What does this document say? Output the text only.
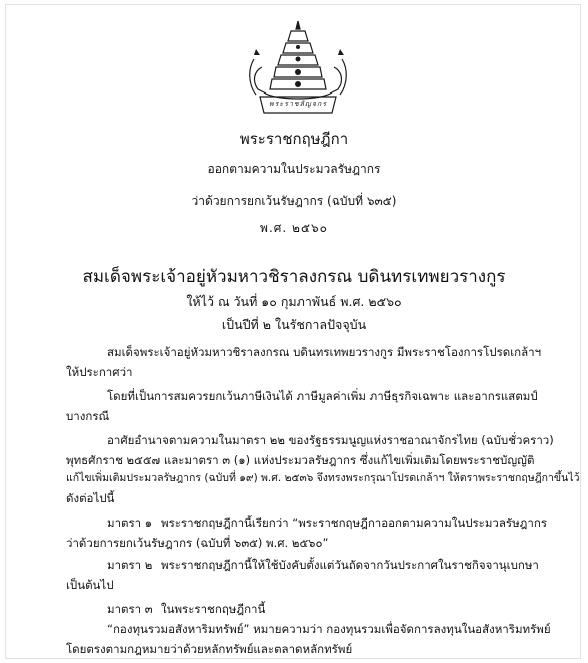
พระราชลัญจกร
พระราชกฤษฎีกา
ออกตามความในประมวลรัษฎากร
ว่าด้วยการยกเว้นรัษฎากร (ฉบับที่ ๖๓๕)
พ.ศ. ๒๕๖๐
สมเด็จพระเจ้าอยู่หัวมหาวชิราลงกรณ บดินทรเทพยวรางกูร
ให้ไว้ ณ วันที่ ๑๐ กุมภาพันธ์ พ.ศ. ๒๕๖๐
เป็นปีที่ ๒ ในรัชกาลปัจจุบัน
สมเด็จพระเจ้าอยู่หัวมหาวชิราลงกรณ บดินทรเทพยวรางกูร มีพระราชโองการโปรดเกล้าฯ
ให้ประกาศว่า
โดยที่เป็นการสมควรยกเว้นภาษีเงินได้ ภาษีมูลค่าเพิ่ม ภาษีธุรกิจเฉพาะ และอากรแสตมป์
บางกรณี
อาศัยอำนาจตามความในมาตรา ๒๒ ของรัฐธรรมนูญแห่งราชอาณาจักรไทย (ฉบับชั่วคราว)
พุทธศักราช ๒๕๕๗ และมาตรา ๓ (๑) แห่งประมวลรัษฎากร ซึ่งแก้ไขเพิ่มเติมโดยพระราชบัญญัติ
แก้ไขเพิ่มเติมประมวลรัษฎากร (ฉบับที่ ๑๙) พ.ศ. ๒๕๓๖ จึงทรงพระกรุณาโปรดเกล้าฯ ให้ตราพระราชกฤษฎีกาขึ้นไว้
ดังต่อไปนี้
มาตรา ๑ พระราชกฤษฎีกานี้เรียกว่า “พระราชกฤษฎีกาออกตามความในประมวลรัษฎากร
ว่าด้วยการยกเว้นรัษฎากร (ฉบับที่ ๖๓๕) พ.ศ. ๒๕๖๐”
มาตรา ๒ พระราชกฤษฎีกานี้ให้ใช้บังคับตั้งแต่วันถัดจากวันประกาศในราชกิจจานุเบกษา
เป็นต้นไป
มาตรา ๓ ในพระราชกฤษฎีกานี้
“กองทุนรวมอสังหาริมทรัพย์” หมายความว่า กองทุนรวมเพื่อจัดการลงทุนในอสังหาริมทรัพย์
โดยตรงตามกฎหมายว่าด้วยหลักทรัพย์และตลาดหลักทรัพย์
